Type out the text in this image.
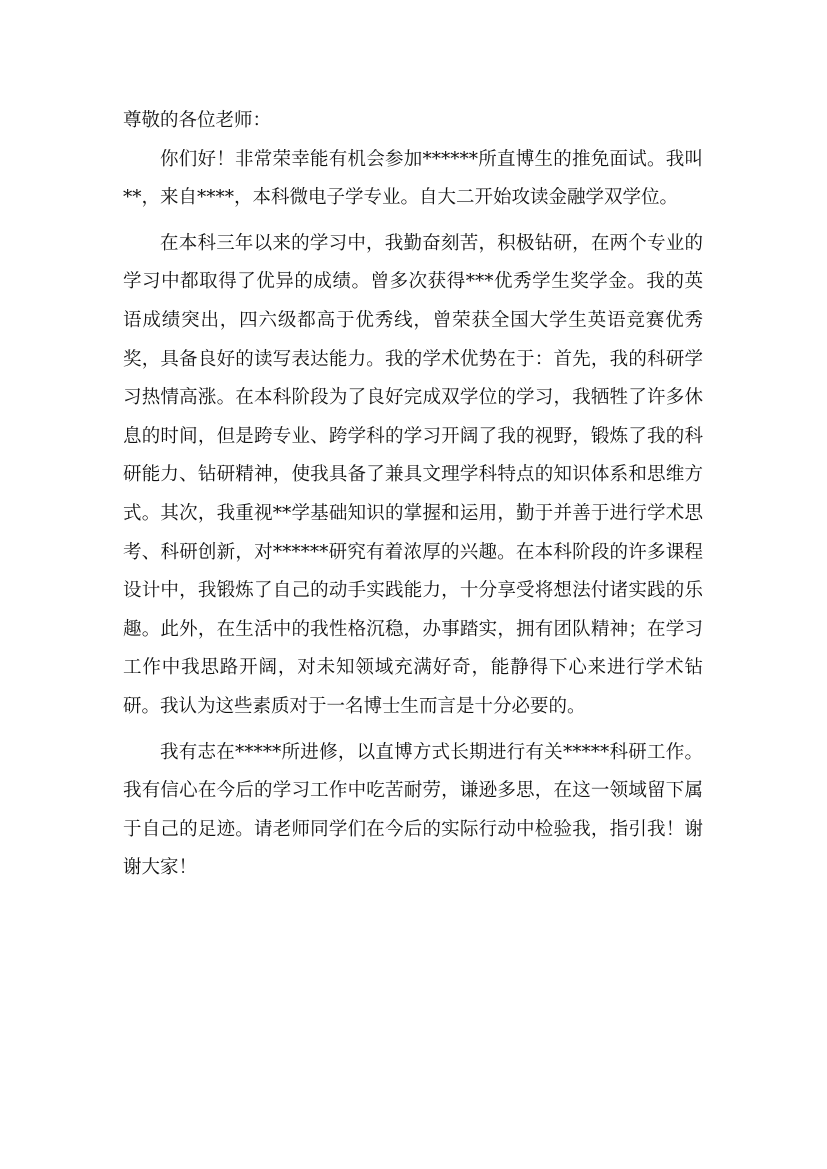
尊敬的各位老师：

你们好！非常荣幸能有机会参加******所直博生的推免面试。我叫**，来自****，本科微电子学专业。自大二开始攻读金融学双学位。

在本科三年以来的学习中，我勤奋刻苦，积极钻研，在两个专业的学习中都取得了优异的成绩。曾多次获得***优秀学生奖学金。我的英语成绩突出，四六级都高于优秀线，曾荣获全国大学生英语竞赛优秀奖，具备良好的读写表达能力。我的学术优势在于：首先，我的科研学习热情高涨。在本科阶段为了良好完成双学位的学习，我牺牲了许多休息的时间，但是跨专业、跨学科的学习开阔了我的视野，锻炼了我的科研能力、钻研精神，使我具备了兼具文理学科特点的知识体系和思维方式。其次，我重视**学基础知识的掌握和运用，勤于并善于进行学术思考、科研创新，对******研究有着浓厚的兴趣。在本科阶段的许多课程设计中，我锻炼了自己的动手实践能力，十分享受将想法付诸实践的乐趣。此外，在生活中的我性格沉稳，办事踏实，拥有团队精神；在学习工作中我思路开阔，对未知领域充满好奇，能静得下心来进行学术钻研。我认为这些素质对于一名博士生而言是十分必要的。

我有志在*****所进修，以直博方式长期进行有关*****科研工作。我有信心在今后的学习工作中吃苦耐劳，谦逊多思，在这一领域留下属于自己的足迹。请老师同学们在今后的实际行动中检验我，指引我！谢谢大家！
